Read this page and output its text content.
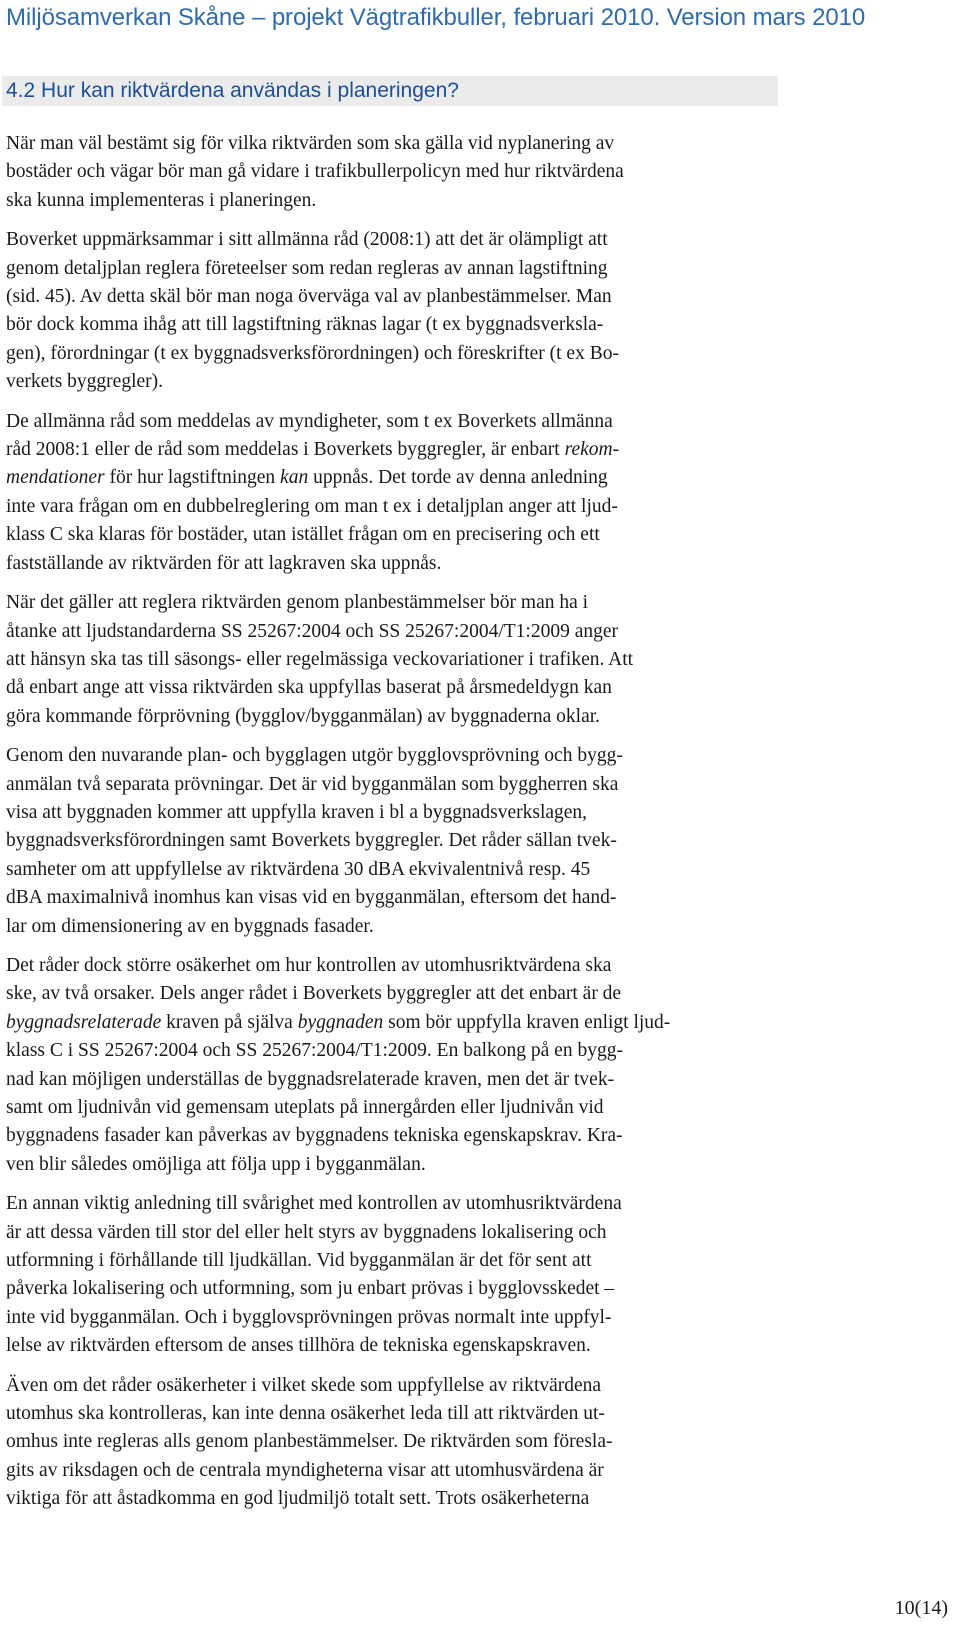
Miljösamverkan Skåne – projekt Vägtrafikbuller, februari 2010. Version mars 2010
4.2 Hur kan riktvärdena användas i planeringen?

När man väl bestämt sig för vilka riktvärden som ska gälla vid nyplanering av
bostäder och vägar bör man gå vidare i trafikbullerpolicyn med hur riktvärdena
ska kunna implementeras i planeringen.

Boverket uppmärksammar i sitt allmänna råd (2008:1) att det är olämpligt att
genom detaljplan reglera företeelser som redan regleras av annan lagstiftning
(sid. 45). Av detta skäl bör man noga överväga val av planbestämmelser. Man
bör dock komma ihåg att till lagstiftning räknas lagar (t ex byggnadsverksla-
gen), förordningar (t ex byggnadsverksförordningen) och föreskrifter (t ex Bo-
verkets byggregler).

De allmänna råd som meddelas av myndigheter, som t ex Boverkets allmänna
råd 2008:1 eller de råd som meddelas i Boverkets byggregler, är enbart rekom-
mendationer för hur lagstiftningen kan uppnås. Det torde av denna anledning
inte vara frågan om en dubbelreglering om man t ex i detaljplan anger att ljud-
klass C ska klaras för bostäder, utan istället frågan om en precisering och ett
fastställande av riktvärden för att lagkraven ska uppnås.

När det gäller att reglera riktvärden genom planbestämmelser bör man ha i
åtanke att ljudstandarderna SS 25267:2004 och SS 25267:2004/T1:2009 anger
att hänsyn ska tas till säsongs- eller regelmässiga veckovariationer i trafiken. Att
då enbart ange att vissa riktvärden ska uppfyllas baserat på årsmedeldygn kan
göra kommande förprövning (bygglov/bygganmälan) av byggnaderna oklar.

Genom den nuvarande plan- och bygglagen utgör bygglovsprövning och bygg-
anmälan två separata prövningar. Det är vid bygganmälan som byggherren ska
visa att byggnaden kommer att uppfylla kraven i bl a byggnadsverkslagen,
byggnadsverksförordningen samt Boverkets byggregler. Det råder sällan tvek-
samheter om att uppfyllelse av riktvärdena 30 dBA ekvivalentnivå resp. 45
dBA maximalnivå inomhus kan visas vid en bygganmälan, eftersom det hand-
lar om dimensionering av en byggnads fasader.

Det råder dock större osäkerhet om hur kontrollen av utomhusriktvärdena ska
ske, av två orsaker. Dels anger rådet i Boverkets byggregler att det enbart är de
byggnadsrelaterade kraven på själva byggnaden som bör uppfylla kraven enligt ljud-
klass C i SS 25267:2004 och SS 25267:2004/T1:2009. En balkong på en bygg-
nad kan möjligen underställas de byggnadsrelaterade kraven, men det är tvek-
samt om ljudnivån vid gemensam uteplats på innergården eller ljudnivån vid
byggnadens fasader kan påverkas av byggnadens tekniska egenskapskrav. Kra-
ven blir således omöjliga att följa upp i bygganmälan.

En annan viktig anledning till svårighet med kontrollen av utomhusriktvärdena
är att dessa värden till stor del eller helt styrs av byggnadens lokalisering och
utformning i förhållande till ljudkällan. Vid bygganmälan är det för sent att
påverka lokalisering och utformning, som ju enbart prövas i bygglovsskedet –
inte vid bygganmälan. Och i bygglovsprövningen prövas normalt inte uppfyl-
lelse av riktvärden eftersom de anses tillhöra de tekniska egenskapskraven.

Även om det råder osäkerheter i vilket skede som uppfyllelse av riktvärdena
utomhus ska kontrolleras, kan inte denna osäkerhet leda till att riktvärden ut-
omhus inte regleras alls genom planbestämmelser. De riktvärden som föresla-
gits av riksdagen och de centrala myndigheterna visar att utomhusvärdena är
viktiga för att åstadkomma en god ljudmiljö totalt sett. Trots osäkerheterna

10(14)
